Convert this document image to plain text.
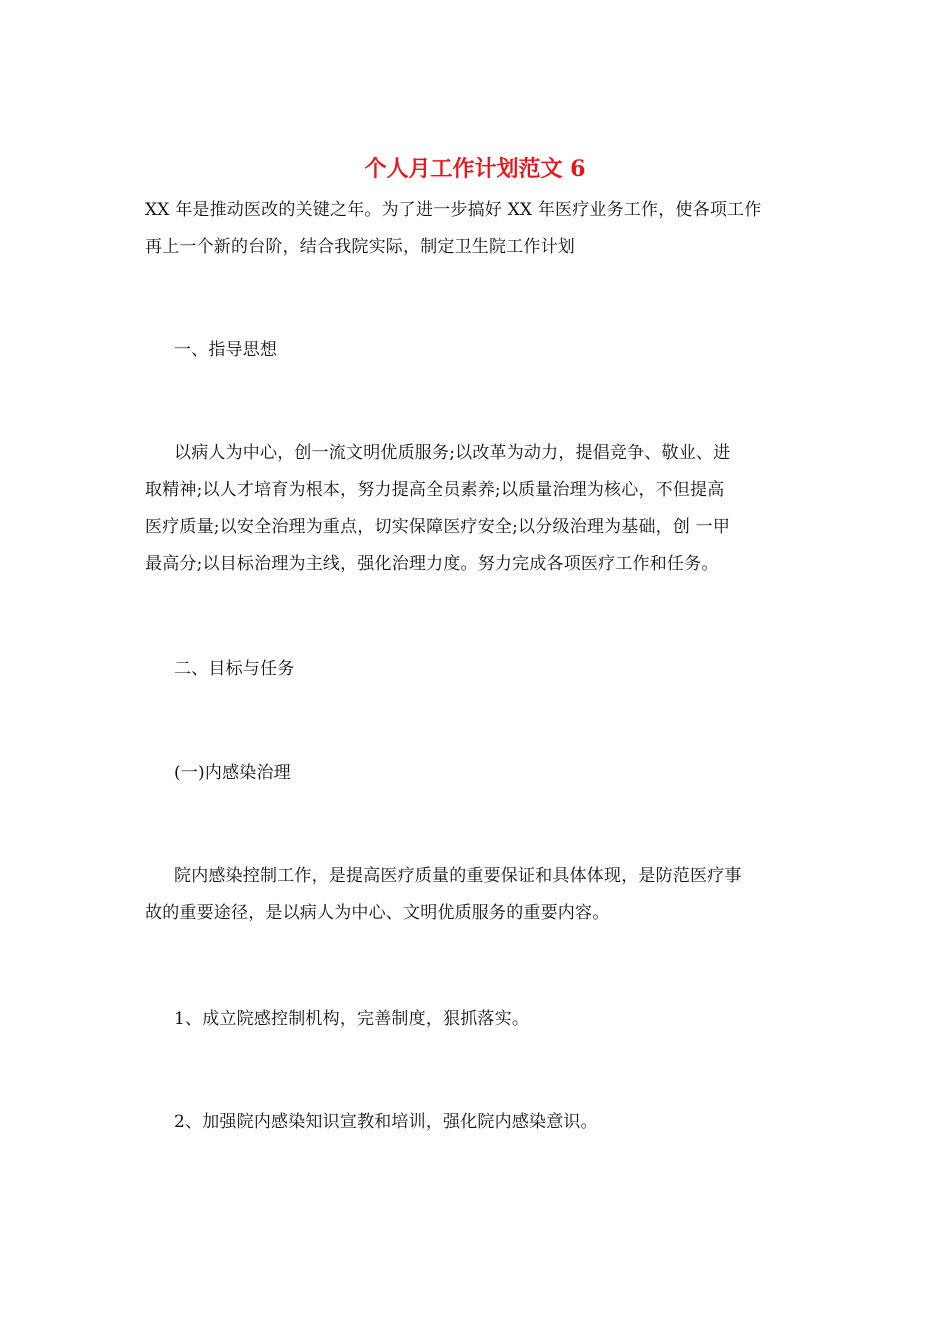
个人月工作计划范文 6

XX 年是推动医改的关键之年。为了进一步搞好 XX 年医疗业务工作，使各项工作
再上一个新的台阶，结合我院实际，制定卫生院工作计划

一、指导思想

以病人为中心，创一流文明优质服务;以改革为动力，提倡竞争、敬业、进
取精神;以人才培育为根本，努力提高全员素养;以质量治理为核心，不但提高
医疗质量;以安全治理为重点，切实保障医疗安全;以分级治理为基础，创 一甲
最高分;以目标治理为主线，强化治理力度。努力完成各项医疗工作和任务。

二、目标与任务

(一)内感染治理

院内感染控制工作，是提高医疗质量的重要保证和具体体现，是防范医疗事
故的重要途径，是以病人为中心、文明优质服务的重要内容。

1、成立院感控制机构，完善制度，狠抓落实。

2、加强院内感染知识宣教和培训，强化院内感染意识。
